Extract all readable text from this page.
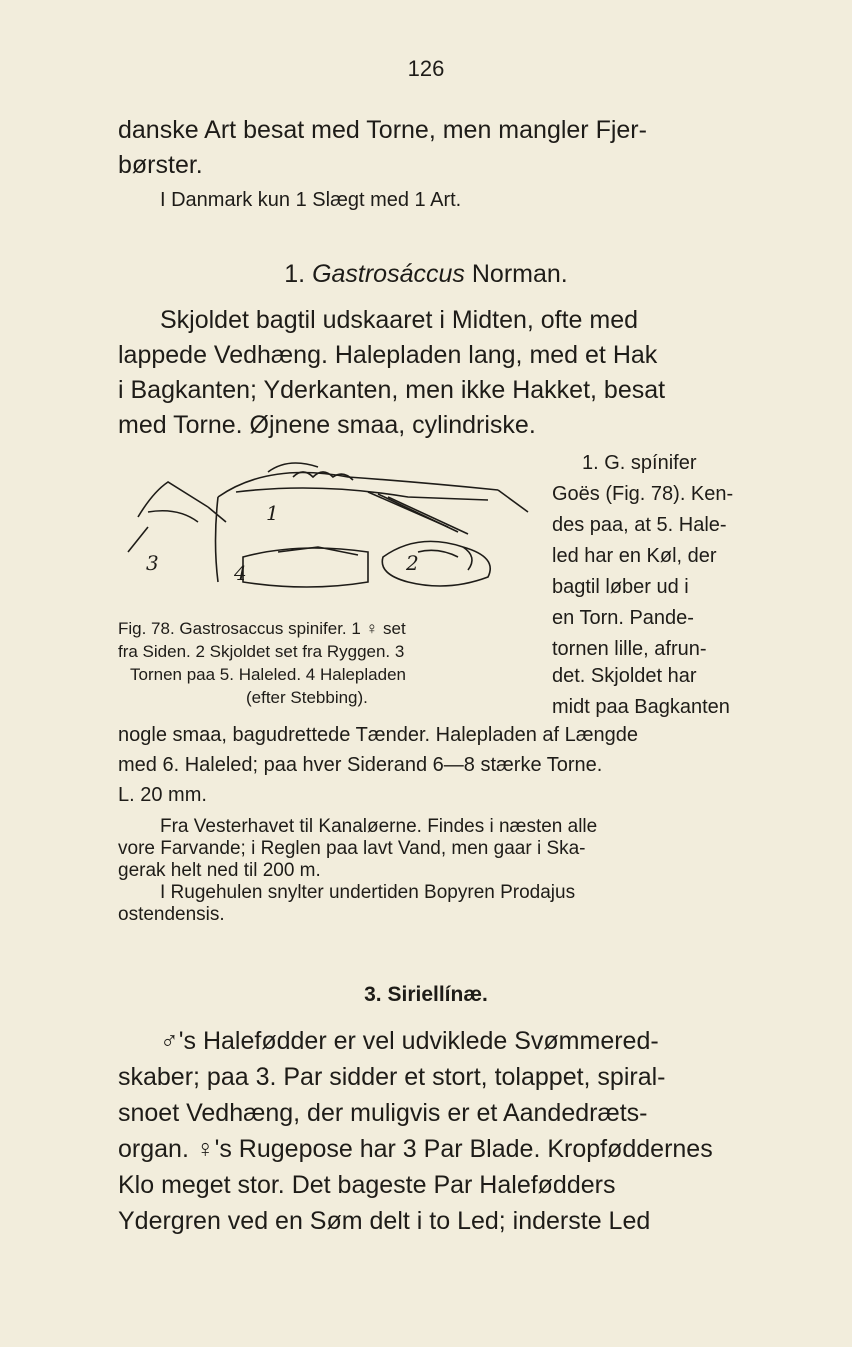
126
danske Art besat med Torne, men mangler Fjer-
børster.
I Danmark kun 1 Slægt med 1 Art.
1. Gastrosáccus Norman.
Skjoldet bagtil udskaaret i Midten, ofte med
lappede Vedhæng. Halepladen lang, med et Hak
i Bagkanten; Yderkanten, men ikke Hakket, besat
med Torne. Øjnene smaa, cylindriske.
1
2
3	4
Fig. 78. Gastrosaccus spinifer. 1 ♀ set
fra Siden. 2 Skjoldet set fra Ryggen. 3
Tornen paa 5. Haleled. 4 Halepladen
(efter Stebbing).
1. G. spínifer
Goës (Fig. 78). Ken-
des paa, at 5. Hale-
led har en Køl, der
bagtil løber ud i
en Torn. Pande-
tornen lille, afrun-
det. Skjoldet har
midt paa Bagkanten
nogle smaa, bagudrettede Tænder. Halepladen af Længde
med 6. Haleled; paa hver Siderand 6—8 stærke Torne.
L. 20 mm.
Fra Vesterhavet til Kanaløerne. Findes i næsten alle
vore Farvande; i Reglen paa lavt Vand, men gaar i Ska-
gerak helt ned til 200 m.
I Rugehulen snylter undertiden Bopyren Prodajus
ostendensis.
3. Siriellínæ.
♂'s Halefødder er vel udviklede Svømmered-
skaber; paa 3. Par sidder et stort, tolappet, spiral-
snoet Vedhæng, der muligvis er et Aandedræts-
organ. ♀'s Rugepose har 3 Par Blade. Kropføddernes
Klo meget stor. Det bageste Par Halefødders
Ydergren ved en Søm delt i to Led; inderste Led
